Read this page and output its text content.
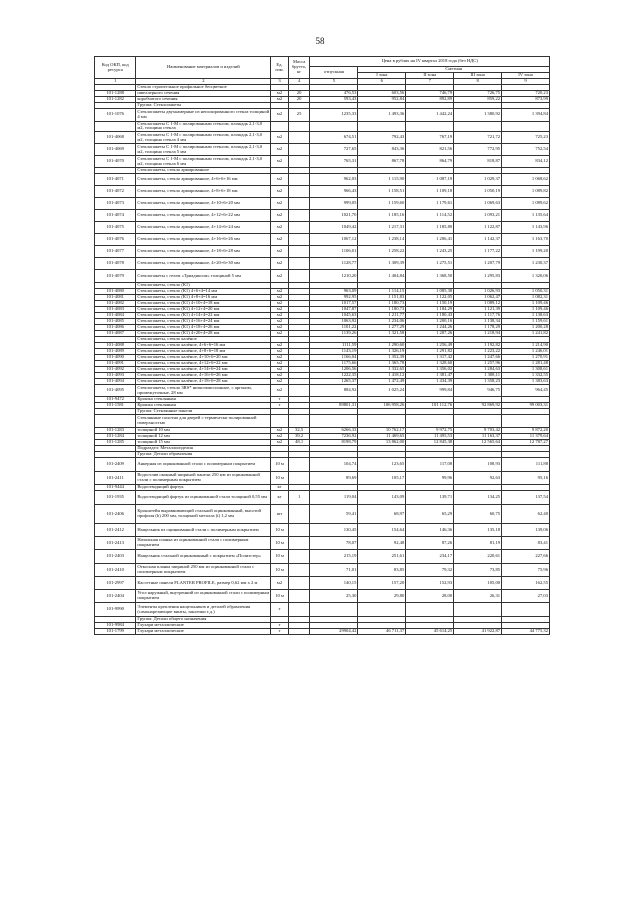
58
Код ОКП, код ресурса	Наименование материалов и изделий	Ед. изм.	Масса брутто, кг	Цена в рублях на IV квартал 2018 года (без НДС)				
				отпускная	Сметная			
					I зона	II зона	III зона	IV зона
1	2	3	4	5	6	7	8	9
	Стекло строительное профильное бесцветное							
101-1288	швеллерного сечения	м2	20	476,53	603,56	746,79	726,75	720,23
101-1282	коробчатого сечения	м2	20	593,43	952,84	892,89	859,22	873,99
	Группа: Стеклопакеты							
101-1076	Стеклопакеты двухкамерные из неполированного стекла толщиной 4 мм	м2	25	1235,33	1 493,36	1 442,24	1 380,92	1 394,84
	Стеклопакеты С 1-М с полированным стеклом, площадь 2,1-3,0 м2, толщина стекла							
101-4068	Стеклопакеты С 1-М с полированным стеклом, площадь 2,1-3,0 м2, толщина стекла 4 мм	м2		674,51	792,43	767,19	721,72	725,23
101-4069	Стеклопакеты С 1-М с полированным стеклом, площадь 2,1-3,0 м2, толщина стекла 5 мм	м2		727,65	843,36	821,56	772,95	752,54
101-4070	Стеклопакеты С 1-М с полированным стеклом, площадь 2,1-3,0 м2, толщина стекла 6 мм	м2		765,31	867,78	864,79	818,87	834,12
	Стеклопакеты, стекло армированное							
101-4071	Стеклопакеты, стекло армированное, 4+6+6+16 мм	м2		962,03	1 115,90	1 087,19	1 029,37	1 068,62
101-4072	Стеклопакеты, стекло армированное, 4+8+6+18 мм	м2		966,43	1 158,51	1 109,18	1 050,19	1 089,82
101-4073	Стеклопакеты, стекло армированное, 4+10+6+20 мм	м2		999,05	1 159,60	1 179,61	1 069,63	1 089,62
101-4074	Стеклопакеты, стекло армированное, 4+12+6+22 мм	м2		1021,70	1 185,16	1 114,52	1 093,21	1 135,64
101-4075	Стеклопакеты, стекло армированное, 4+14+6+24 мм	м2		1049,42	1 217,31	1 185,80	1 122,87	1 143,96
101-4076	Стеклопакеты, стекло армированное, 4+16+6+26 мм	м2		1067,12	1 238,14	1 206,41	1 142,37	1 163,70
101-4077	Стеклопакеты, стекло армированное, 4+18+6+28 мм	м2		1106,01	1 258,22	1 243,25	1 177,22	1 199,20
101-4078	Стеклопакеты, стекло армированное, 4+20+6+30 мм	м2		1128,77	1 309,39	1 275,51	1 207,79	1 230,37
101-4079	Стеклопакеты с гелем «Триадиксом» толщиной 5 мм	м2		1210,20	1 404,84	1 368,50	1 295,83	1 320,06
	Стеклопакеты, стекло (К1)							
101-4080	Стеклопакеты, стекло (К1) 4+6+4=14 мм	м2		963,09	1 114,15	1 085,38	1 026,93	1 050,31
101-4081	Стеклопакеты, стекло (К1) 4+8+4=16 мм	м2		992,95	1 151,83	1 122,05	1 062,47	1 082,31
101-4082	Стеклопакеты, стекло (К1) 4+10+4=18 мм	м2		1017,57	1 180,73	1 150,19	1 089,12	1 109,46
101-4083	Стеклопакеты, стекло (К1) 4+12+4=20 мм	м2		1047,87	1 180,73	1 184,29	1 121,39	1 109,46
101-4084	Стеклопакеты, стекло (К1) 4+14+4=22 мм	м2		1045,63	1 211,77	1 180,43	1 117,76	1 138,63
101-4085	Стеклопакеты, стекло (К1) 4+16+4=24 мм	м2		1063,92	1 234,06	1 200,16	1 138,34	1 159,61
101-4086	Стеклопакеты, стекло (К1) 4+18+4=26 мм	м2		1101,22	1 277,29	1 244,26	1 178,29	1 200,28
101-4087	Стеклопакеты, стекло (К1) 4+20+4=28 мм	м2		1139,26	1 321,58	1 287,26	1 218,94	1 241,82
	Стеклопакеты, стекло калёное							
101-4088	Стеклопакеты, стекло калёное, 4+6+6=16 мм	м2		1111,59	1 290,60	1 256,49	1 192,82	1 214,90
101-4089	Стеклопакеты, стекло калёное, 4+8+6=18 мм	м2		1143,19	1 326,19	1 291,82	1 223,22	1 246,01
101-4090	Стеклопакеты, стекло калёное, 4+10+6=20 мм	м2		1166,04	1 352,39	1 317,42	1 247,66	1 270,91
101-4091	Стеклопакеты, стекло калёное, 4+12+6=22 мм	м2		1175,66	1 365,78	1 328,60	1 257,96	1 281,48
101-4092	Стеклопакеты, стекло калёное, 4+14+6=24 мм	м2		1206,56	1 332,65	1 356,02	1 284,63	1 308,61
101-4093	Стеклопакеты, стекло калёное, 4+16+6=26 мм	м2		1222,35	1 418,12	1 381,47	1 308,11	1 332,55
101-4094	Стеклопакеты, стекло калёное, 4+18+6=28 мм	м2		1265,37	1 472,49	1 434,39	1 358,23	1 383,63
101-4095	Стеклопакеты, стекло 3RS* низкоэмиссионное, с аргоном, промежуточные, 28 мм	м2		884,92	1 025,24	999,84	946,75	964,45
101-9472	Крошка стеклянная	т						
101-1581	Крошка стеклянная	т		89801,31	106 958,26	101 112,76	92 869,92	99 003,31
	Группа: Стеклянные панели							
	Стеклянные полотна для дверей с термически полированной поверхностью							
101-1283	толщиной 10 мм	м2	32,5	6266,33	10 762,17	9 972,75	9 703,42	9 872,20
101-1284	толщиной 12 мм	м2	39,2	7236,92	11 469,65	11 495,53	11 163,37	11 379,64
101-1285	толщиной 15 мм	м2	48,1	8198,79	13 862,00	12 845,38	12 565,64	12 787,27
	Подраздел: Металлоизделия							
	Группа: Детали обрамления							
101-2409	Анкерная из оцинкованной стали с полимерным покрытием	10 м		104,74	123,65	117,08	108,93	111,88
101-2411	Водоотлив оконный шириной панели 250 мм из оцинкованной стали с полимерным покрытием	10 м		89,69	105,17	99,96	92,63	95,16
101-9444	Водоотводящий фартук	кг						
101-1935	Водоотводящий фартук из оцинкованной стали толщиной 0,55 мм	кг	1	119,04	143,09	139,71	134,25	137,54
101-2406	Кронштейн выравнивающий стальной оцинкованный, высотой профиля (h) 200 мм, толщиной металла (t) 1,2 мм	шт		59,41	68,97	65,29	60,75	62,40
101-2412	Нащельник из оцинкованной стали с полимерным покрытием	10 м		130,45	154,64	146,36	135,18	139,06
101-2413	Начальная планка из оцинкованной стали с полимерным покрытием	10 м		78,07	92,48	87,26	81,19	83,41
101-2403	Нащельник стальной оцинкованный с покрытием «Полиэстер»	10 м		215,19	251,61	234,17	220,61	227,66
101-2410	Откосная планка шириной 250 мм из оцинкованной стали с полимерным покрытием	10 м		71,01	83,85	79,32	73,85	75,96
101-2997	Кассетные панели FLANTER PROFILE, размер 0,62 мм x 2 м	м2		140,15	157,20	152,93	105,00	162,55
101-2404	Угол наружный, внутренний из оцинкованной стали с полимерным покрытием	10 м		25,30	29,80	28,00	26,31	27,03
101-9990	Элементы крепления нащельников и деталей обрамления (самонарезающие винты, заклепки т.д.)	т						
	Группа: Детали общего назначения							
101-9984	Глухари металлические	т						
101-1799	Глухари металлические	т		29904,42	46 711,37	45 614,25	41 922,87	44 775,32
